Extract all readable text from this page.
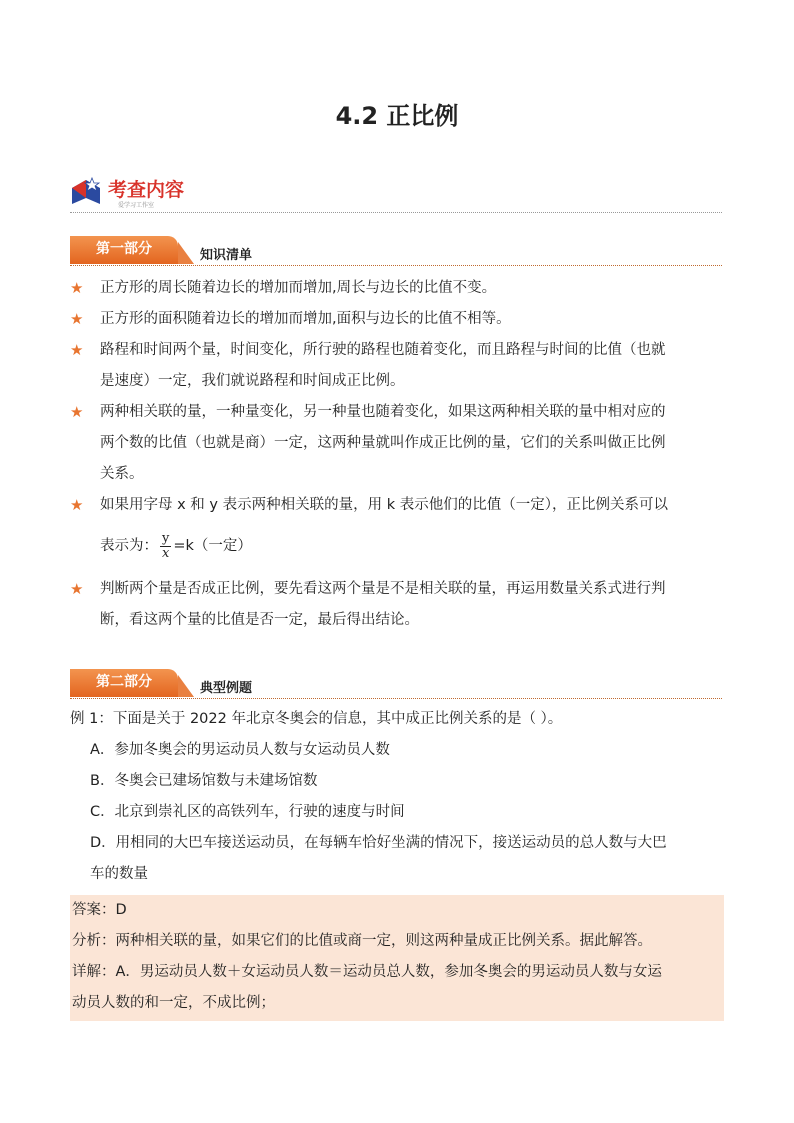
4.2 正比例
考查内容
爱学习工作室
第一部分	知识清单
★ 正方形的周长随着边长的增加而增加,周长与边长的比值不变。
★ 正方形的面积随着边长的增加而增加,面积与边长的比值不相等。
★ 路程和时间两个量，时间变化，所行驶的路程也随着变化，而且路程与时间的比值（也就
是速度）一定，我们就说路程和时间成正比例。
★ 两种相关联的量，一种量变化，另一种量也随着变化，如果这两种相关联的量中相对应的
两个数的比值（也就是商）一定，这两种量就叫作成正比例的量，它们的关系叫做正比例
关系。
★ 如果用字母 x 和 y 表示两种相关联的量，用 k 表示他们的比值（一定），正比例关系可以
表示为： $\frac{y}{x} =k$（一定）
★ 判断两个量是否成正比例，要先看这两个量是不是相关联的量，再运用数量关系式进行判
断，看这两个量的比值是否一定，最后得出结论。
第二部分	典型例题
例 1：下面是关于 2022 年北京冬奥会的信息，其中成正比例关系的是（ ）。
A．参加冬奥会的男运动员人数与女运动员人数
B．冬奥会已建场馆数与未建场馆数
C．北京到崇礼区的高铁列车，行驶的速度与时间
D．用相同的大巴车接送运动员，在每辆车恰好坐满的情况下，接送运动员的总人数与大巴
车的数量
答案：D
分析：两种相关联的量，如果它们的比值或商一定，则这两种量成正比例关系。据此解答。
详解：A．男运动员人数＋女运动员人数＝运动员总人数，参加冬奥会的男运动员人数与女运
动员人数的和一定，不成比例；
